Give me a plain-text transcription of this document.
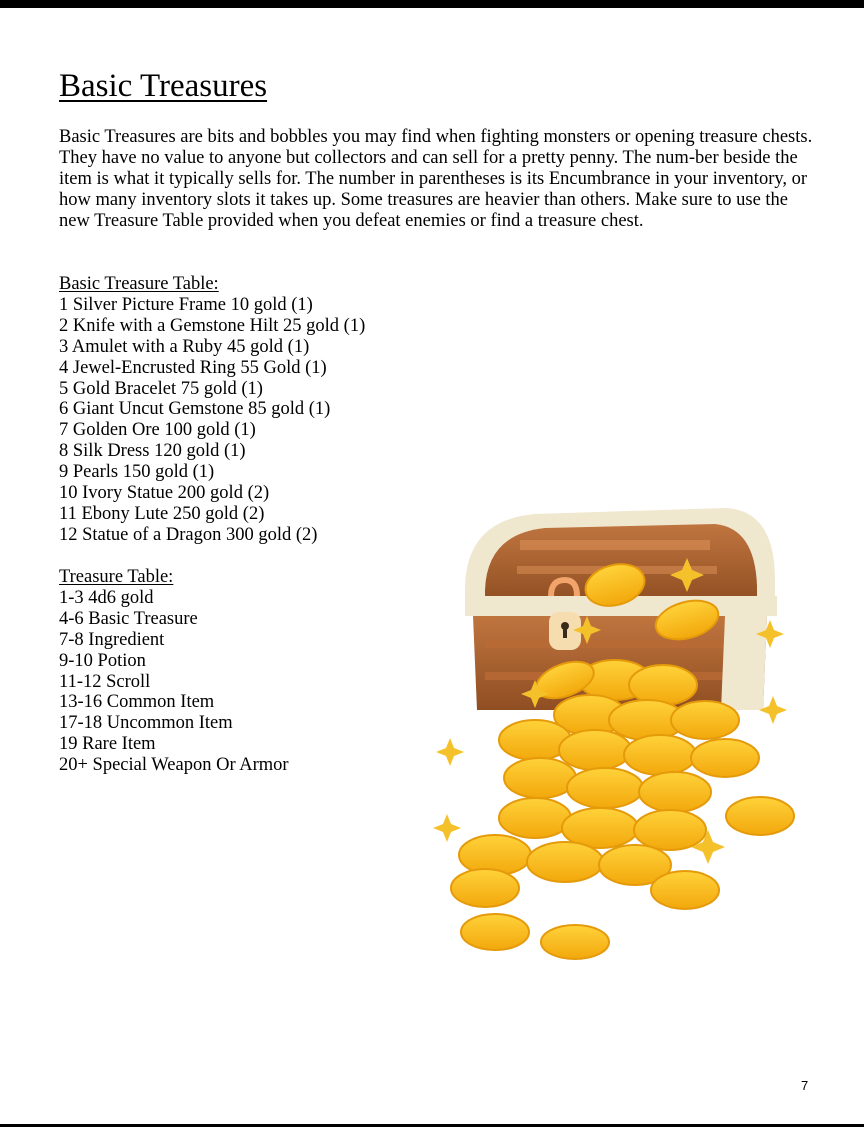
Basic Treasures

Basic Treasures are bits and bobbles you may find when fighting monsters or opening treasure chests. They have no value to anyone but collectors and can sell for a pretty penny. The num-ber beside the item is what it typically sells for. The number in parentheses is its Encumbrance in your inventory, or how many inventory slots it takes up. Some treasures are heavier than others. Make sure to use the new Treasure Table provided when you defeat enemies or find a treasure chest.

Basic Treasure Table:
1 Silver Picture Frame 10 gold (1)
2 Knife with a Gemstone Hilt 25 gold (1)
3 Amulet with a Ruby 45 gold (1)
4 Jewel-Encrusted Ring 55 Gold (1)
5 Gold Bracelet 75 gold (1)
6 Giant Uncut Gemstone 85 gold (1)
7 Golden Ore 100 gold (1)
8 Silk Dress 120 gold (1)
9 Pearls 150 gold (1)
10 Ivory Statue 200 gold (2)
11 Ebony Lute 250 gold (2)
12 Statue of a Dragon 300 gold (2)
Treasure Table:
1-3 4d6 gold
4-6 Basic Treasure
7-8 Ingredient
9-10 Potion
11-12 Scroll
13-16 Common Item
17-18 Uncommon Item
19 Rare Item
20+ Special Weapon Or Armor
7
